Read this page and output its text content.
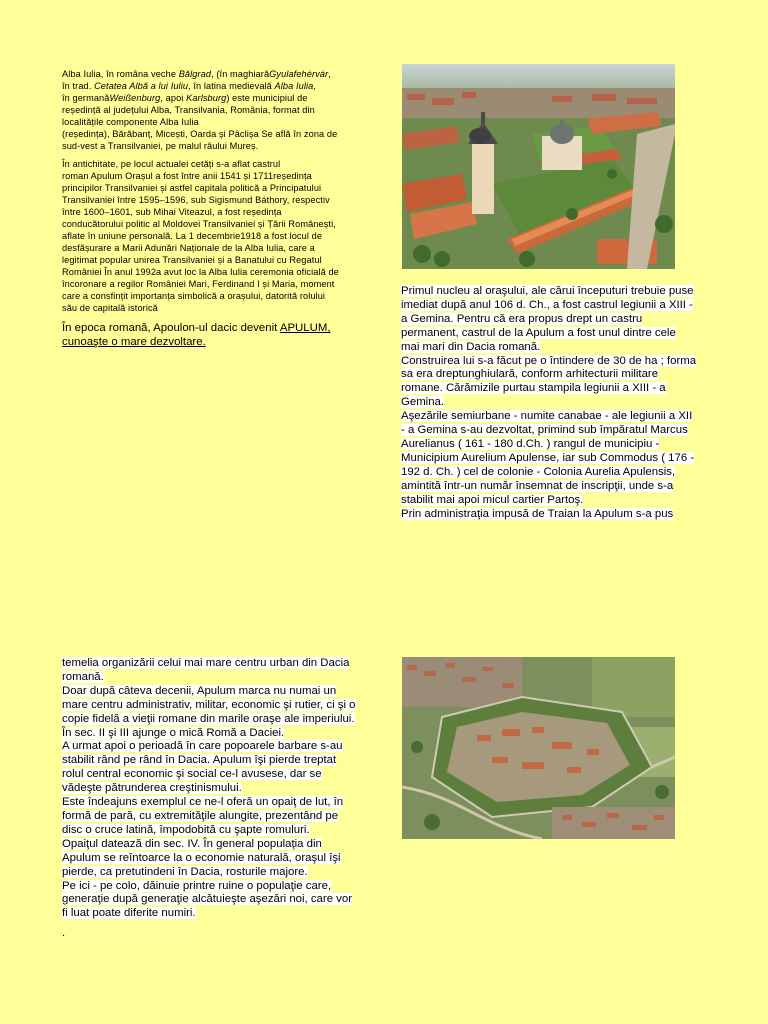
Alba Iulia, în româna veche Bălgrad, (în maghiarăGyulafehérvár,
în trad. Cetatea Albă a lui Iuliu, în latina medievală Alba Iulia,
în germanăWeißenburg, apoi Karlsburg) este municipiul de
reședință al județului Alba, Transilvania, România, format din
localitățile componente Alba Iulia
(reședința), Bărăbanț, Micești, Oarda și Pâclișa Se află în zona de
sud-vest a Transilvaniei, pe malul râului Mureș.

În antichitate, pe locul actualei cetăți s-a aflat castrul
roman Apulum Orașul a fost între anii 1541 și 1711reședința
principilor Transilvaniei și astfel capitala politică a Principatului
Transilvaniei între 1595–1596, sub Sigismund Báthory, respectiv
între 1600–1601, sub Mihai Viteazul, a fost reședința
conducătorului politic al Moldovei Transilvaniei și Țării Românești,
aflate în uniune personală. La 1 decembrie1918 a fost locul de
desfășurare a Marii Adunări Naționale de la Alba Iulia, care a
legitimat popular unirea Transilvaniei și a Banatului cu Regatul
României În anul 1992a avut loc la Alba Iulia ceremonia oficială de
încoronare a regilor României Mari, Ferdinand I și Maria, moment
care a consfințit importanța simbolică a orașului, datorită rolului
său de capitală istorică

În epoca romană, Apoulon-ul dacic devenit APULUM,
cunoaşte o mare dezvoltare.

Primul nucleu al oraşului, ale cărui începuturi trebuie puse
imediat după anul 106 d. Ch., a fost castrul legiunii a XIII -
a Gemina. Pentru că era propus drept un castru
permanent, castrul de la Apulum a fost unul dintre cele
mai mari din Dacia romană.
Construirea lui s-a făcut pe o întindere de 30 de ha ; forma
sa era dreptunghiulară, conform arhitecturii militare
romane. Cărămizile purtau stampila legiunii a XIII - a
Gemina.
Aşezările semiurbane - numite canabae - ale legiunii a XII
- a Gemina s-au dezvoltat, primind sub împăratul Marcus
Aurelianus ( 161 - 180 d.Ch. ) rangul de municipiu -
Municipium Aurelium Apulense, iar sub Commodus ( 176 -
192 d. Ch. ) cel de colonie - Colonia Aurelia Apulensis,
amintită într-un număr însemnat de inscripţii, unde s-a
stabilit mai apoi micul cartier Partoş.
Prin administraţia impusă de Traian la Apulum s-a pus

temelia organizării celui mai mare centru urban din Dacia
romană.
Doar după câteva decenii, Apulum marca nu numai un
mare centru administrativ, militar, economic şi rutier, ci şi o
copie fidelă a vieţii romane din marile oraşe ale imperiului.
În sec. II şi III ajunge o mică Romă a Daciei.
A urmat apoi o perioadă în care popoarele barbare s-au
stabilit rând pe rând în Dacia. Apulum îşi pierde treptat
rolul central economic şi social ce-l avusese, dar se
vădeşte pătrunderea creştinismului.
Este îndeajuns exemplul ce ne-l oferă un opaiţ de lut, în
formă de pară, cu extremităţile alungite, prezentând pe
disc o cruce latină, împodobită cu şapte romuluri.
Opaiţul datează din sec. IV. În general populaţia din
Apulum se reîntoarce la o economie naturală, oraşul îşi
pierde, ca pretutindeni în Dacia, rosturile majore.
Pe ici - pe colo, dăinuie printre ruine o populaţie care,
generaţie după generaţie alcătuieşte aşezări noi, care vor
fi luat poate diferite numiri.

.
